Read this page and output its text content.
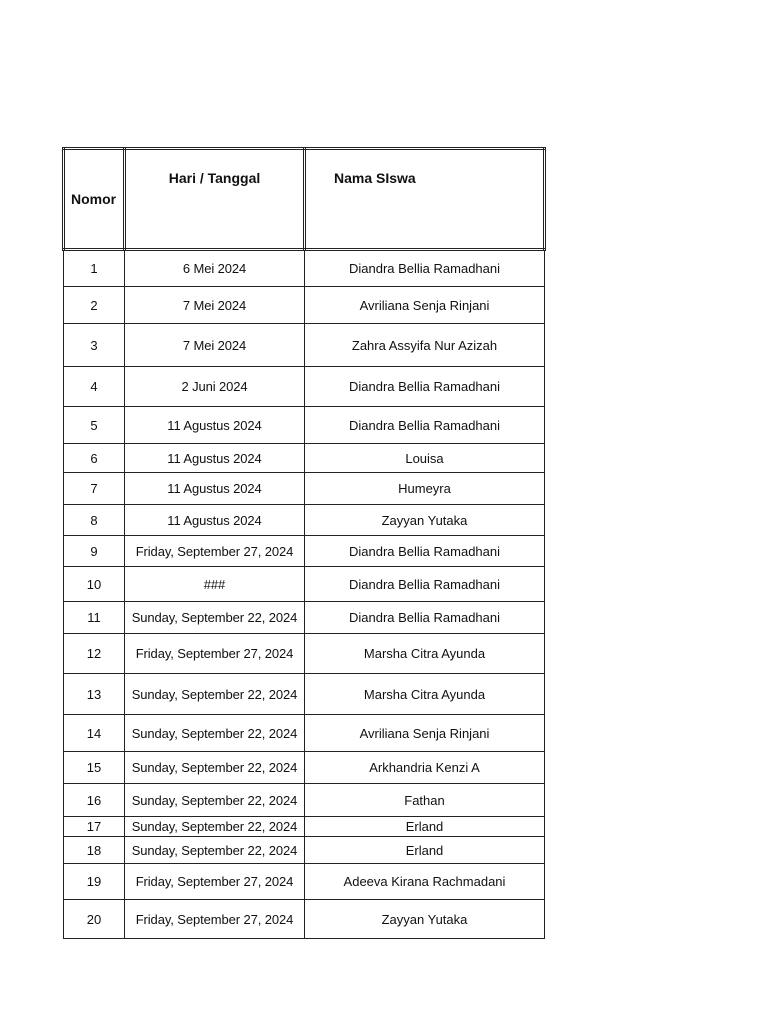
Nomor	Hari / Tanggal	Nama SIswa
1	6 Mei 2024	Diandra Bellia Ramadhani
2	7 Mei 2024	Avriliana Senja Rinjani
3	7 Mei 2024	Zahra Assyifa Nur Azizah
4	2 Juni 2024	Diandra Bellia Ramadhani
5	11 Agustus 2024	Diandra Bellia Ramadhani
6	11 Agustus 2024	Louisa
7	11 Agustus 2024	Humeyra
8	11 Agustus 2024	Zayyan Yutaka
9	Friday, September 27, 2024	Diandra Bellia Ramadhani
10	###	Diandra Bellia Ramadhani
11	Sunday, September 22, 2024	Diandra Bellia Ramadhani
12	Friday, September 27, 2024	Marsha Citra Ayunda
13	Sunday, September 22, 2024	Marsha Citra Ayunda
14	Sunday, September 22, 2024	Avriliana Senja Rinjani
15	Sunday, September 22, 2024	Arkhandria Kenzi A
16	Sunday, September 22, 2024	Fathan
17	Sunday, September 22, 2024	Erland
18	Sunday, September 22, 2024	Erland
19	Friday, September 27, 2024	Adeeva Kirana Rachmadani
20	Friday, September 27, 2024	Zayyan Yutaka
